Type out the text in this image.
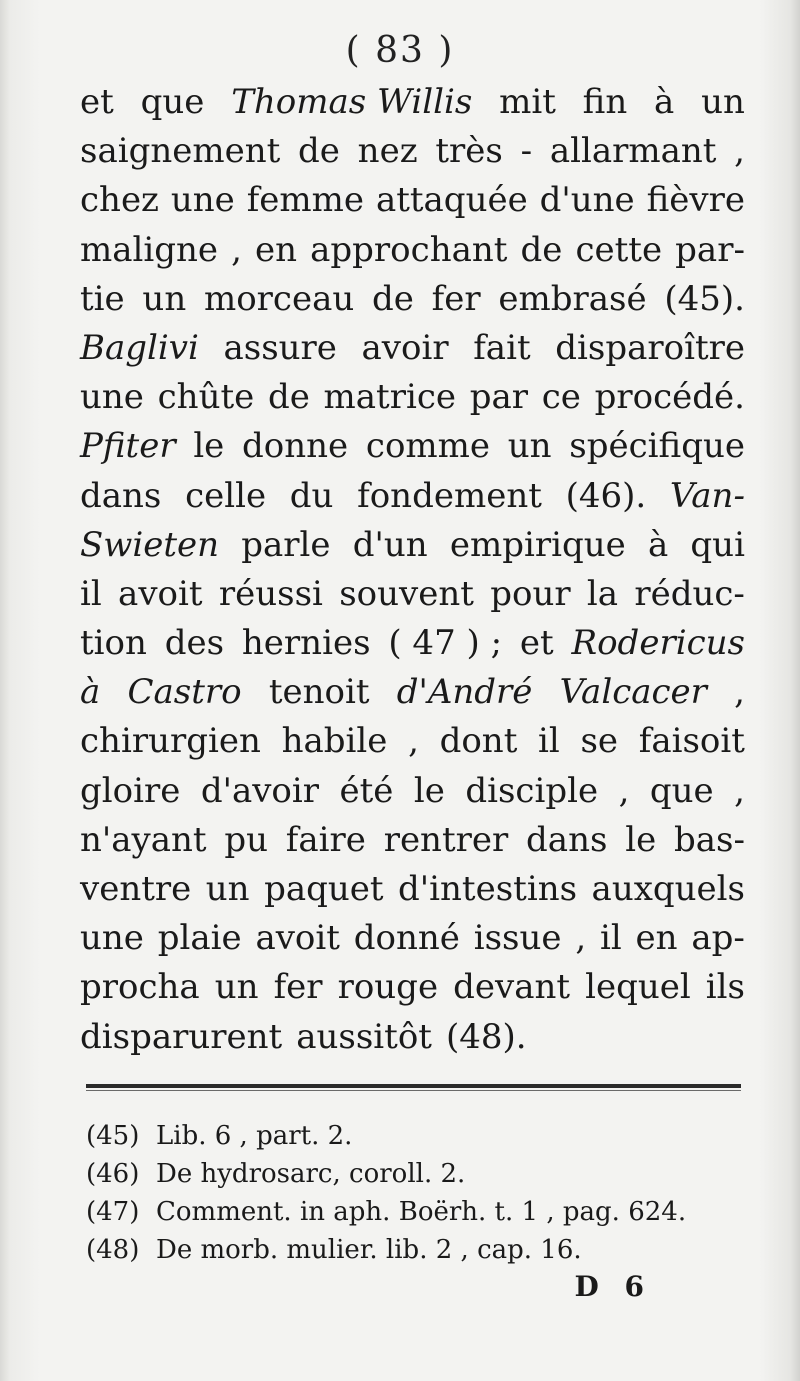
( 83 )
et que Thomas Willis mit fin à un
saignement de nez très - allarmant ,
chez une femme attaquée d'une fièvre
maligne , en approchant de cette par-
tie un morceau de fer embrasé (45).
Baglivi assure avoir fait disparoître
une chûte de matrice par ce procédé.
Pfiter le donne comme un spécifique
dans celle du fondement (46). Van-
Swieten parle d'un empirique à qui
il avoit réussi souvent pour la réduc-
tion des hernies ( 47 ) ; et Rodericus
à Castro tenoit d'André Valcacer ,
chirurgien habile , dont il se faisoit
gloire d'avoir été le disciple , que ,
n'ayant pu faire rentrer dans le bas-
ventre un paquet d'intestins auxquels
une plaie avoit donné issue , il en ap-
procha un fer rouge devant lequel ils
disparurent aussitôt (48).
(45) Lib. 6 , part. 2.
(46) De hydrosarc, coroll. 2.
(47) Comment. in aph. Boërh. t. 1 , pag. 624.
(48) De morb. mulier. lib. 2 , cap. 16.
D 6
